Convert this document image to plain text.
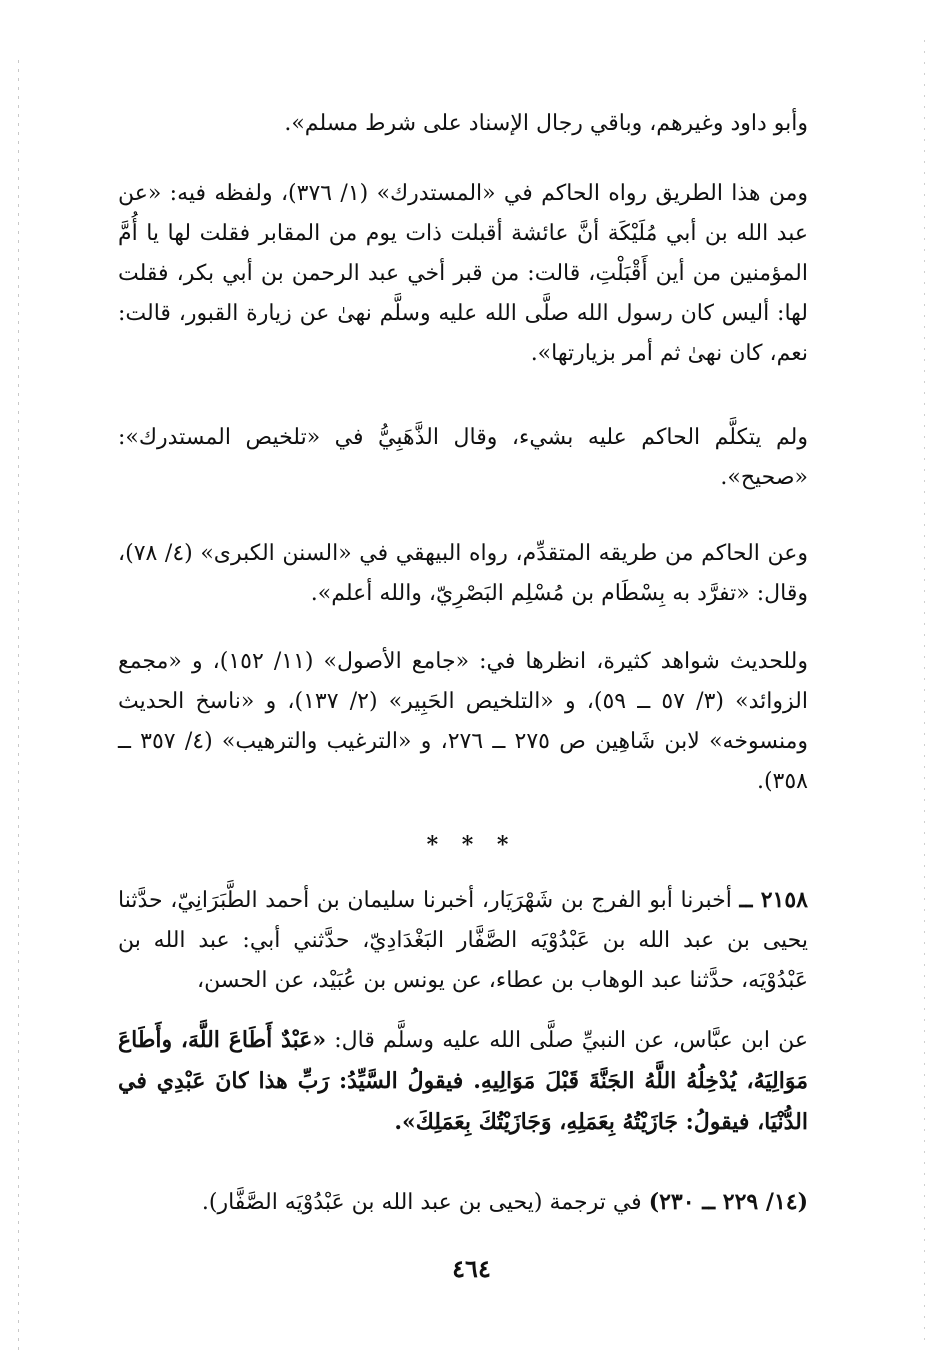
وأبو داود وغيرهم، وباقي رجال الإسناد على شرط مسلم».

ومن هذا الطريق رواه الحاكم في «المستدرك» (١/ ٣٧٦)، ولفظه فيه: «عن عبد الله بن أبي مُلَيْكَة أنَّ عائشة أقبلت ذات يوم من المقابر فقلت لها يا أُمَّ المؤمنين من أين أَقْبَلْتِ، قالت: من قبر أخي عبد الرحمن بن أبي بكر، فقلت لها: أليس كان رسول الله صلَّى الله عليه وسلَّم نهىٰ عن زيارة القبور، قالت: نعم، كان نهىٰ ثم أمر بزيارتها».

ولم يتكلَّم الحاكم عليه بشيء، وقال الذَّهَبِيُّ في «تلخيص المستدرك»: «صحيح».

وعن الحاكم من طريقه المتقدِّم، رواه البيهقي في «السنن الكبرى» (٤/ ٧٨)، وقال: «تفرَّد به بِسْطَام بن مُسْلِم البَصْرِيّ، والله أعلم».

وللحديث شواهد كثيرة، انظرها في: «جامع الأصول» (١١/ ١٥٢)، و «مجمع الزوائد» (٣/ ٥٧ ــ ٥٩)، و «التلخيص الحَبِير» (٢/ ١٣٧)، و «ناسخ الحديث ومنسوخه» لابن شَاهِين ص ٢٧٥ ــ ٢٧٦، و «الترغيب والترهيب» (٤/ ٣٥٧ ــ ٣٥٨).

* * *

٢١٥٨ ــ أخبرنا أبو الفرج بن شَهْرَيَار، أخبرنا سليمان بن أحمد الطَّبَرَانِيّ، حدَّثنا يحيى بن عبد الله بن عَبْدُوْيَه الصَّفَّار البَغْدَادِيّ، حدَّثني أبي: عبد الله بن عَبْدُوْيَه، حدَّثنا عبد الوهاب بن عطاء، عن يونس بن عُبَيْد، عن الحسن،

عن ابن عبَّاس، عن النبيِّ صلَّى الله عليه وسلَّم قال: «عَبْدٌ أَطَاعَ اللَّهَ، وأَطَاعَ مَوَالِيَهُ، يُدْخِلُهُ اللَّهُ الجَنَّةَ قَبْلَ مَوَالِيهِ. فيقولُ السَّيِّدُ: رَبِّ هذا كانَ عَبْدِي في الدُّنْيَا، فيقولُ: جَازَيْتُهُ بِعَمَلِهِ، وَجَازَيْتُكَ بِعَمَلِكَ».

(١٤/ ٢٢٩ ــ ٢٣٠) في ترجمة (يحيى بن عبد الله بن عَبْدُوْيَه الصَّفَّار).

٤٦٤
